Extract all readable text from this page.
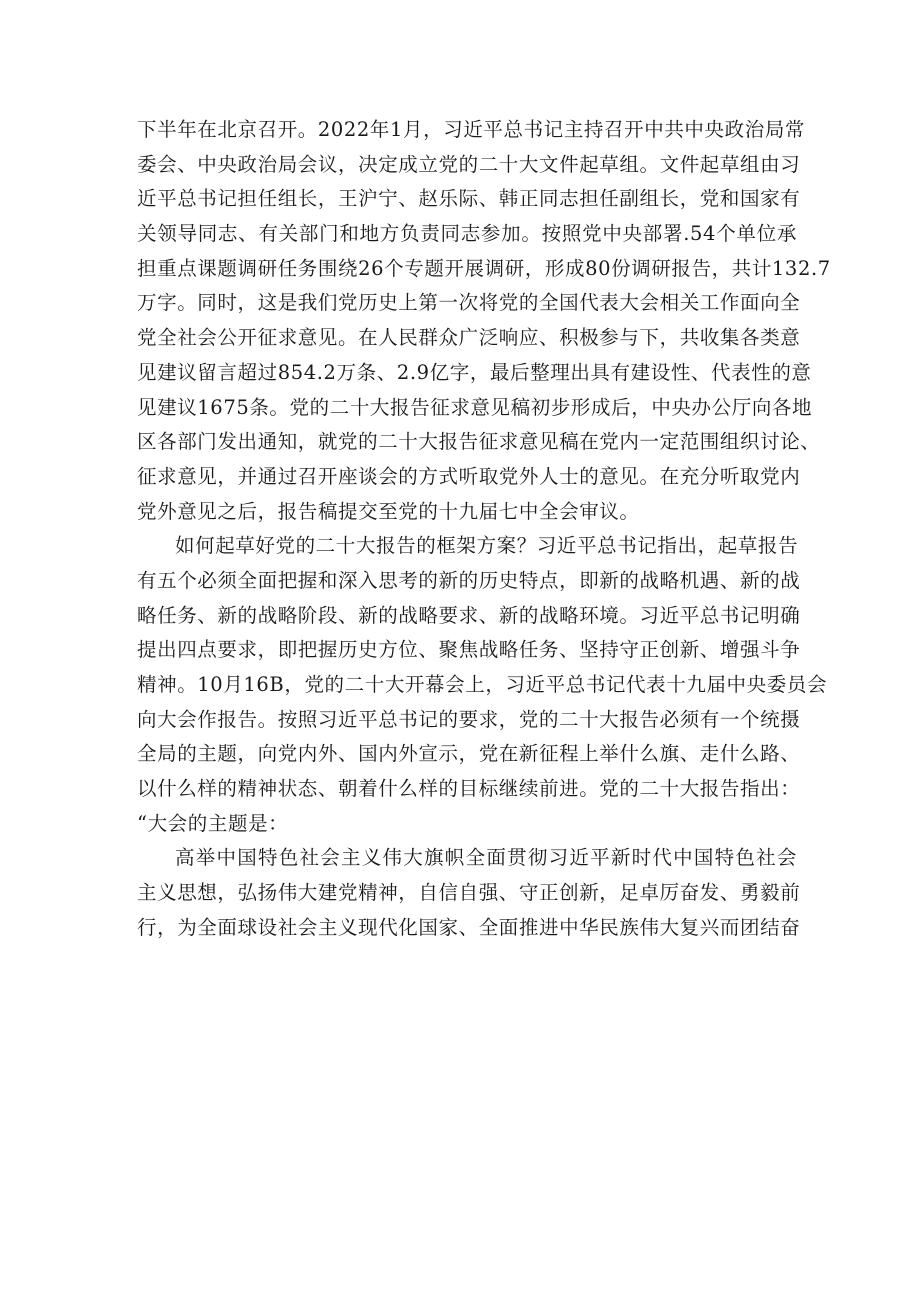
下半年在北京召开。2022年1月，习近平总书记主持召开中共中央政治局常
委会、中央政治局会议，决定成立党的二十大文件起草组。文件起草组由习
近平总书记担任组长，王沪宁、赵乐际、韩正同志担任副组长，党和国家有
关领导同志、有关部门和地方负责同志参加。按照党中央部署.54个单位承
担重点课题调研任务围绕26个专题开展调研，形成80份调研报告，共计132.7
万字。同时，这是我们党历史上第一次将党的全国代表大会相关工作面向全
党全社会公开征求意见。在人民群众广泛响应、积极参与下，共收集各类意
见建议留言超过854.2万条、2.9亿字，最后整理出具有建设性、代表性的意
见建议1675条。党的二十大报告征求意见稿初步形成后，中央办公厅向各地
区各部门发出通知，就党的二十大报告征求意见稿在党内一定范围组织讨论、
征求意见，并通过召开座谈会的方式听取党外人士的意见。在充分听取党内
党外意见之后，报告稿提交至党的十九届七中全会审议。
如何起草好党的二十大报告的框架方案？习近平总书记指出，起草报告
有五个必须全面把握和深入思考的新的历史特点，即新的战略机遇、新的战
略任务、新的战略阶段、新的战略要求、新的战略环境。习近平总书记明确
提出四点要求，即把握历史方位、聚焦战略任务、坚持守正创新、增强斗争
精神。10月16B，党的二十大开幕会上，习近平总书记代表十九届中央委员会
向大会作报告。按照习近平总书记的要求，党的二十大报告必须有一个统摄
全局的主题，向党内外、国内外宣示，党在新征程上举什么旗、走什么路、
以什么样的精神状态、朝着什么样的目标继续前进。党的二十大报告指出：
“大会的主题是：
高举中国特色社会主义伟大旗帜全面贯彻习近平新时代中国特色社会
主义思想，弘扬伟大建党精神，自信自强、守正创新，足卓厉奋发、勇毅前
行，为全面球设社会主义现代化国家、全面推进中华民族伟大复兴而团结奋
